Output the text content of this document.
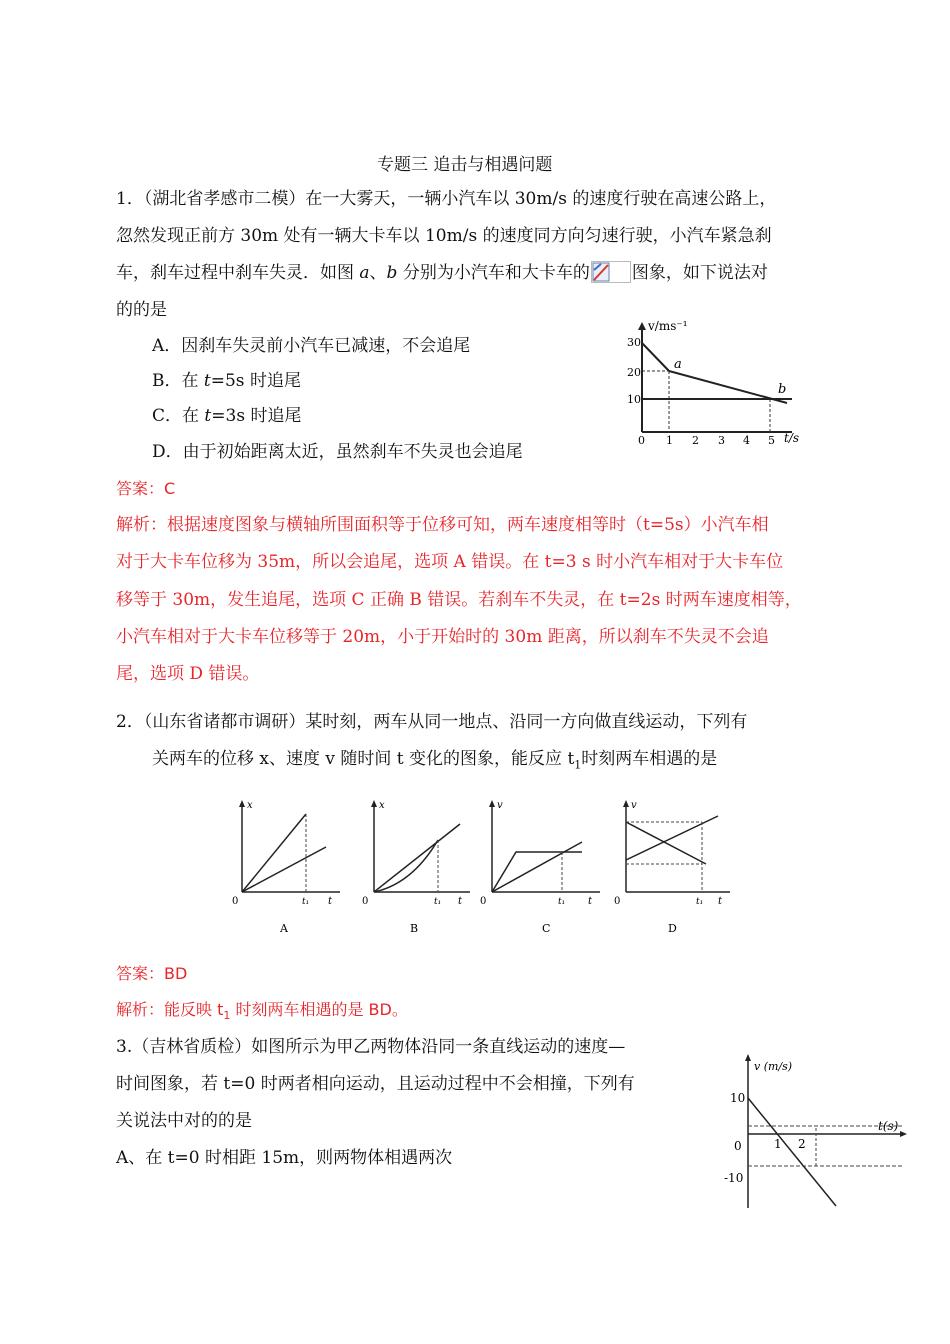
专题三 追击与相遇问题
1．（湖北省孝感市二模）在一大雾天，一辆小汽车以 30m/s 的速度行驶在高速公路上，
忽然发现正前方 30m 处有一辆大卡车以 10m/s 的速度同方向匀速行驶，小汽车紧急刹
车，刹车过程中刹车失灵．如图 a、b 分别为小汽车和大卡车的 图象，如下说法对
的的是
A．因刹车失灵前小汽车已减速，不会追尾
B．在 t=5s 时追尾
C．在 t=3s 时追尾
D．由于初始距离太近，虽然刹车不失灵也会追尾
v/ms⁻¹
t/s
30
20
10
0 1 2 3 4 5
a
b
答案：C
解析：根据速度图象与横轴所围面积等于位移可知，两车速度相等时（t=5s）小汽车相
对于大卡车位移为 35m，所以会追尾，选项 A 错误。在 t=3 s 时小汽车相对于大卡车位
移等于 30m，发生追尾，选项 C 正确 B 错误。若刹车不失灵，在 t=2s 时两车速度相等，
小汽车相对于大卡车位移等于 20m，小于开始时的 30m 距离，所以刹车不失灵不会追
尾，选项 D 错误。
2．（山东省诸都市调研）某时刻，两车从同一地点、沿同一方向做直线运动，下列有
关两车的位移 x、速度 v 随时间 t 变化的图象，能反应 $t_1$时刻两车相遇的是
x
0	t
t₁
A
x
0	t
t₁
B
v
0	t
t₁
C
v
0	t
t₁
D
答案：BD
解析：能反映 $t_1$ 时刻两车相遇的是 BD。
3.（吉林省质检）如图所示为甲乙两物体沿同一条直线运动的速度—
时间图象，若 t=0 时两者相向运动，且运动过程中不会相撞，下列有
关说法中对的的是
A、在 t=0 时相距 15m，则两物体相遇两次
v (m/s)
t(s)
10
0
-10
1 2
